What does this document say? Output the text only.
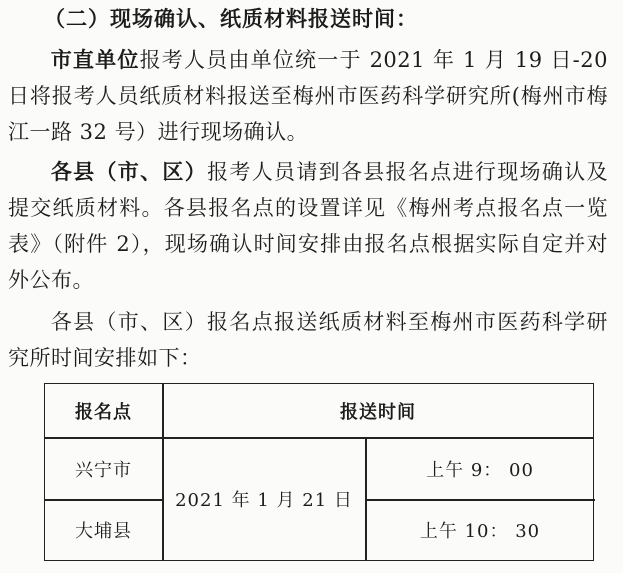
（二）现场确认、纸质材料报送时间：
市直单位报考人员由单位统一于 2021 年 1 月 19 日-20 日将报考人员纸质材料报送至梅州市医药科学研究所(梅州市梅江一路 32 号）进行现场确认。
各县（市、区）报考人员请到各县报名点进行现场确认及提交纸质材料。各县报名点的设置详见《梅州考点报名点一览表》（附件 2），现场确认时间安排由报名点根据实际自定并对外公布。
各县（市、区）报名点报送纸质材料至梅州市医药科学研究所时间安排如下：
报名点	报送时间
兴宁市
大埔县
2021 年 1 月 21 日
上午 9： 00
上午 10： 30
